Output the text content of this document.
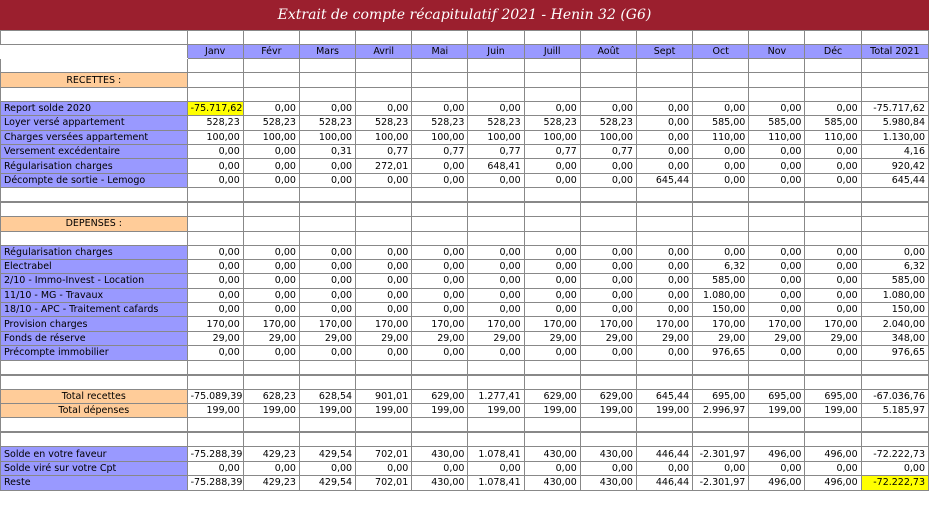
Extrait de compte récapitulatif 2021 - Henin 32 (G6)

	Janv	Févr	Mars	Avril	Mai	Juin	Juill	Août	Sept	Oct	Nov	Déc	Total 2021

RECETTES :													

Report solde 2020	-75.717,62	0,00	0,00	0,00	0,00	0,00	0,00	0,00	0,00	0,00	0,00	0,00	-75.717,62
Loyer versé appartement	528,23	528,23	528,23	528,23	528,23	528,23	528,23	528,23	0,00	585,00	585,00	585,00	5.980,84
Charges versées appartement	100,00	100,00	100,00	100,00	100,00	100,00	100,00	100,00	0,00	110,00	110,00	110,00	1.130,00
Versement excédentaire	0,00	0,00	0,31	0,77	0,77	0,77	0,77	0,77	0,00	0,00	0,00	0,00	4,16
Régularisation charges	0,00	0,00	0,00	272,01	0,00	648,41	0,00	0,00	0,00	0,00	0,00	0,00	920,42
Décompte de sortie - Lemogo	0,00	0,00	0,00	0,00	0,00	0,00	0,00	0,00	645,44	0,00	0,00	0,00	645,44

DEPENSES :													

Régularisation charges	0,00	0,00	0,00	0,00	0,00	0,00	0,00	0,00	0,00	0,00	0,00	0,00	0,00
Electrabel	0,00	0,00	0,00	0,00	0,00	0,00	0,00	0,00	0,00	6,32	0,00	0,00	6,32
2/10 - Immo-Invest - Location	0,00	0,00	0,00	0,00	0,00	0,00	0,00	0,00	0,00	585,00	0,00	0,00	585,00
11/10 - MG - Travaux	0,00	0,00	0,00	0,00	0,00	0,00	0,00	0,00	0,00	1.080,00	0,00	0,00	1.080,00
18/10 - APC - Traitement cafards	0,00	0,00	0,00	0,00	0,00	0,00	0,00	0,00	0,00	150,00	0,00	0,00	150,00
Provision charges	170,00	170,00	170,00	170,00	170,00	170,00	170,00	170,00	170,00	170,00	170,00	170,00	2.040,00
Fonds de réserve	29,00	29,00	29,00	29,00	29,00	29,00	29,00	29,00	29,00	29,00	29,00	29,00	348,00
Précompte immobilier	0,00	0,00	0,00	0,00	0,00	0,00	0,00	0,00	0,00	976,65	0,00	0,00	976,65

Total recettes	-75.089,39	628,23	628,54	901,01	629,00	1.277,41	629,00	629,00	645,44	695,00	695,00	695,00	-67.036,76
Total dépenses	199,00	199,00	199,00	199,00	199,00	199,00	199,00	199,00	199,00	2.996,97	199,00	199,00	5.185,97

Solde en votre faveur	-75.288,39	429,23	429,54	702,01	430,00	1.078,41	430,00	430,00	446,44	-2.301,97	496,00	496,00	-72.222,73
Solde viré sur votre Cpt	0,00	0,00	0,00	0,00	0,00	0,00	0,00	0,00	0,00	0,00	0,00	0,00	0,00
Reste	-75.288,39	429,23	429,54	702,01	430,00	1.078,41	430,00	430,00	446,44	-2.301,97	496,00	496,00	-72.222,73
